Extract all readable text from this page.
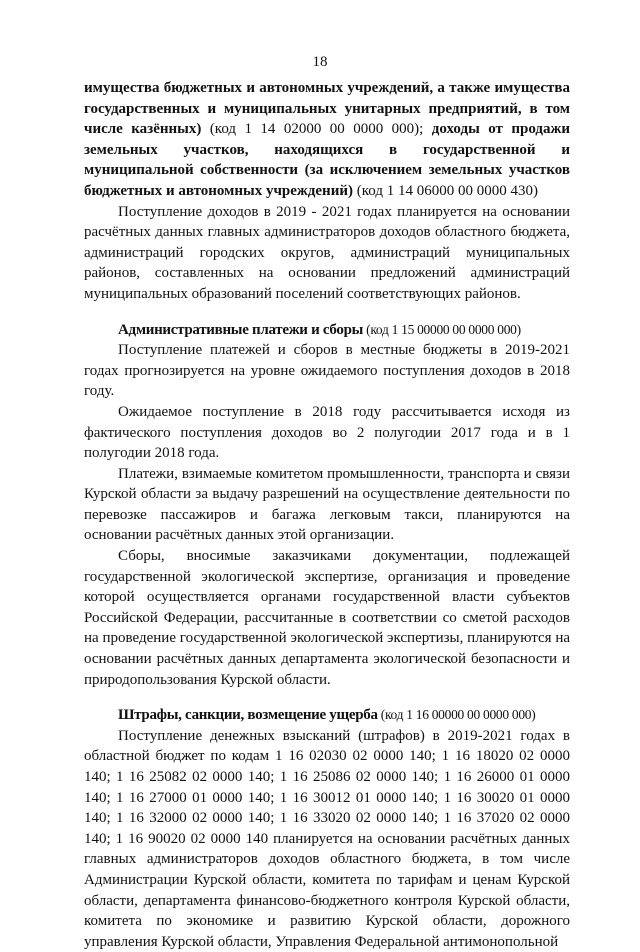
18

имущества бюджетных и автономных учреждений, а также имущества государственных и муниципальных унитарных предприятий, в том числе казённых) (код 1 14 02000 00 0000 000); доходы от продажи земельных участков, находящихся в государственной и муниципальной собственности (за исключением земельных участков бюджетных и автономных учреждений) (код 1 14 06000 00 0000 430)

Поступление доходов в 2019 - 2021 годах планируется на основании расчётных данных главных администраторов доходов областного бюджета, администраций городских округов, администраций муниципальных районов, составленных на основании предложений администраций муниципальных образований поселений соответствующих районов.

Административные платежи и сборы (код 1 15 00000 00 0000 000)

Поступление платежей и сборов в местные бюджеты в 2019-2021 годах прогнозируется на уровне ожидаемого поступления доходов в 2018 году.

Ожидаемое поступление в 2018 году рассчитывается исходя из фактического поступления доходов во 2 полугодии 2017 года и в 1 полугодии 2018 года.

Платежи, взимаемые комитетом промышленности, транспорта и связи Курской области за выдачу разрешений на осуществление деятельности по перевозке пассажиров и багажа легковым такси, планируются на основании расчётных данных этой организации.

Сборы, вносимые заказчиками документации, подлежащей государственной экологической экспертизе, организация и проведение которой осуществляется органами государственной власти субъектов Российской Федерации, рассчитанные в соответствии со сметой расходов на проведение государственной экологической экспертизы, планируются на основании расчётных данных департамента экологической безопасности и природопользования Курской области.

Штрафы, санкции, возмещение ущерба (код 1 16 00000 00 0000 000)

Поступление денежных взысканий (штрафов) в 2019-2021 годах в областной бюджет по кодам 1 16 02030 02 0000 140; 1 16 18020 02 0000 140; 1 16 25082 02 0000 140; 1 16 25086 02 0000 140; 1 16 26000 01 0000 140; 1 16 27000 01 0000 140; 1 16 30012 01 0000 140; 1 16 30020 01 0000 140; 1 16 32000 02 0000 140; 1 16 33020 02 0000 140; 1 16 37020 02 0000 140; 1 16 90020 02 0000 140 планируется на основании расчётных данных главных администраторов доходов областного бюджета, в том числе Администрации Курской области, комитета по тарифам и ценам Курской области, департамента финансово-бюджетного контроля Курской области, комитета по экономике и развитию Курской области, дорожного управления Курской области, Управления Федеральной антимонопольной
